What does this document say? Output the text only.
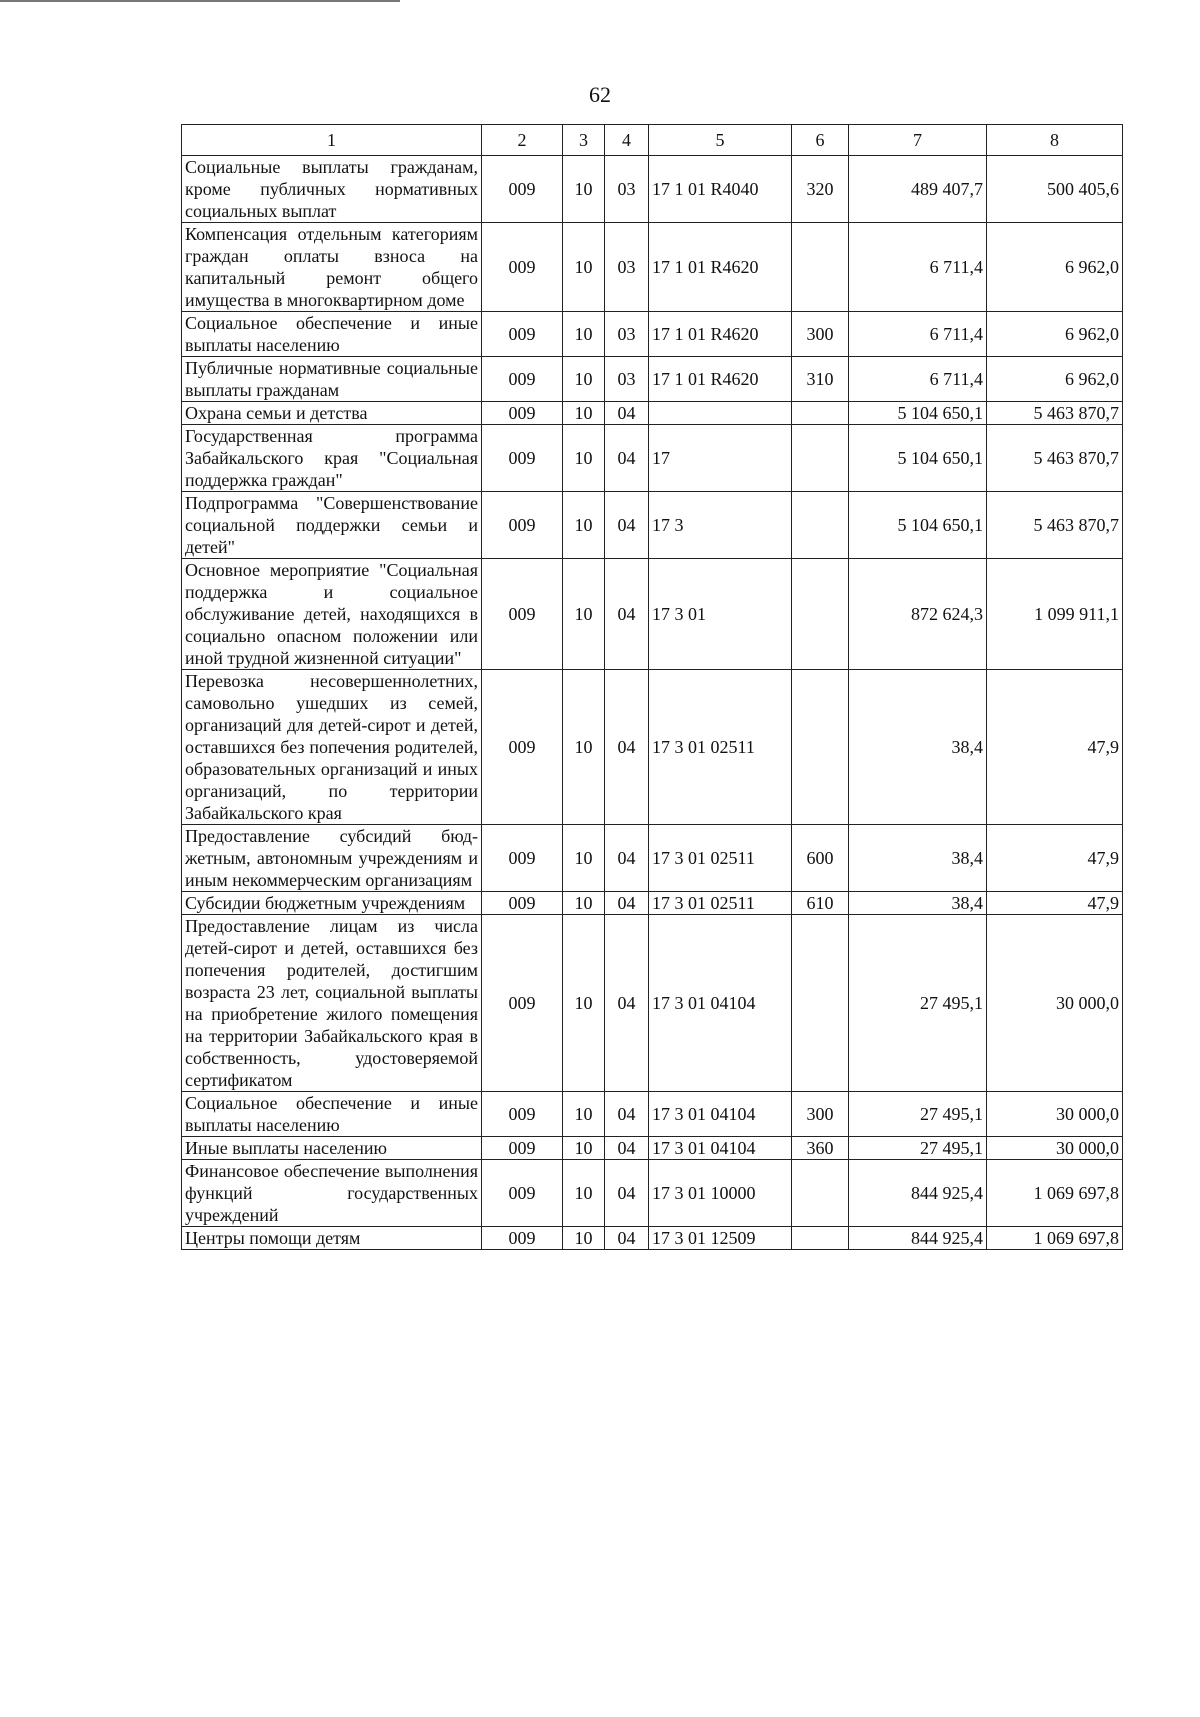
62
1	2	3	4	5	6	7	8
Социальные выплаты гражданам, кроме публичных нормативных социальных выплат	009	10	03	17 1 01 R4040	320	489 407,7	500 405,6
Компенсация отдельным категориям граждан оплаты взноса на капитальный ремонт общего имущества в многоквартирном доме	009	10	03	17 1 01 R4620		6 711,4	6 962,0
Социальное обеспечение и иные выплаты населению	009	10	03	17 1 01 R4620	300	6 711,4	6 962,0
Публичные нормативные социальные выплаты гражданам	009	10	03	17 1 01 R4620	310	6 711,4	6 962,0
Охрана семьи и детства	009	10	04			5 104 650,1	5 463 870,7
Государственная программа Забайкальского края "Социальная поддержка граждан"	009	10	04	17		5 104 650,1	5 463 870,7
Подпрограмма "Совершенствование социальной поддержки семьи и детей"	009	10	04	17 3		5 104 650,1	5 463 870,7
Основное мероприятие "Социальная поддержка и социальное обслуживание детей, находящихся в социально опасном положении или иной трудной жизненной ситуации"	009	10	04	17 3 01		872 624,3	1 099 911,1
Перевозка несовершеннолетних, самовольно ушедших из семей, организаций для детей-сирот и детей, оставшихся без попечения родителей, образовательных организаций и иных организаций, по территории Забайкальского края	009	10	04	17 3 01 02511		38,4	47,9
Предоставление субсидий бюджетным, автономным учреждениям и иным некоммерческим организациям	009	10	04	17 3 01 02511	600	38,4	47,9
Субсидии бюджетным учреждениям	009	10	04	17 3 01 02511	610	38,4	47,9
Предоставление лицам из числа детей-сирот и детей, оставшихся без попечения родителей, достигшим возраста 23 лет, социальной выплаты на приобретение жилого помещения на территории Забайкальского края в собственность, удостоверяемой сертификатом	009	10	04	17 3 01 04104		27 495,1	30 000,0
Социальное обеспечение и иные выплаты населению	009	10	04	17 3 01 04104	300	27 495,1	30 000,0
Иные выплаты населению	009	10	04	17 3 01 04104	360	27 495,1	30 000,0
Финансовое обеспечение выполнения функций государственных учреждений	009	10	04	17 3 01 10000		844 925,4	1 069 697,8
Центры помощи детям	009	10	04	17 3 01 12509		844 925,4	1 069 697,8
